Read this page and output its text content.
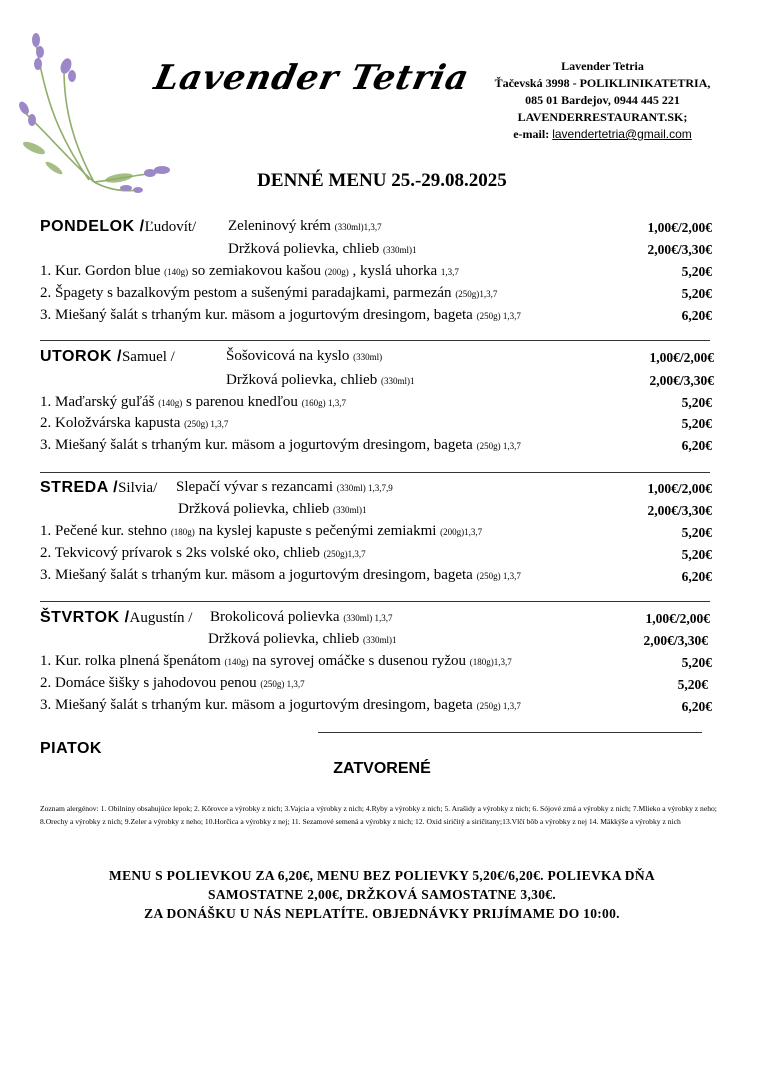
Lavender Tetria	Lavender Tetria
Ťačevská 3998 - POLIKLINIKATETRIA,
085 01 Bardejov, 0944 445 221
LAVENDERRESTAURANT.SK;
e-mail: lavendertetria@gmail.com
DENNÉ MENU 25.-29.08.2025
PONDELOK /Ľudovít/ Zeleninový krém (330ml)1,3,7	1,00€/2,00€
Držková polievka, chlieb (330ml)1	2,00€/3,30€
1. Kur. Gordon blue (140g) so zemiakovou kašou (200g) , kyslá uhorka 1,3,7	5,20€
2. Špagety s bazalkovým pestom a sušenými paradajkami, parmezán (250g)1,3,7	5,20€
3. Miešaný šalát s trhaným kur. mäsom a jogurtovým dresingom, bageta (250g) 1,3,7	6,20€
UTOROK /Samuel /	Šošovicová na kyslo (330ml)	1,00€/2,00€
Držková polievka, chlieb (330ml)1	2,00€/3,30€
1. Maďarský guľáš (140g) s parenou knedľou (160g) 1,3,7	5,20€
2. Koložvárska kapusta (250g) 1,3,7	5,20€
3. Miešaný šalát s trhaným kur. mäsom a jogurtovým dresingom, bageta (250g) 1,3,7	6,20€
STREDA /Silvia/ Slepačí vývar s rezancami (330ml) 1,3,7,9	1,00€/2,00€
Držková polievka, chlieb (330ml)1	2,00€/3,30€
1. Pečené kur. stehno (180g) na kyslej kapuste s pečenými zemiakmi (200g)1,3,7	5,20€
2. Tekvicový prívarok s 2ks volské oko, chlieb (250g)1,3,7	5,20€
3. Miešaný šalát s trhaným kur. mäsom a jogurtovým dresingom, bageta (250g) 1,3,7	6,20€
ŠTVRTOK /Augustín / Brokolicová polievka (330ml) 1,3,7	1,00€/2,00€
Držková polievka, chlieb (330ml)1	2,00€/3,30€
1. Kur. rolka plnená špenátom (140g) na syrovej omáčke s dusenou ryžou (180g)1,3,7	5,20€
2. Domáce šišky s jahodovou penou (250g) 1,3,7	5,20€
3. Miešaný šalát s trhaným kur. mäsom a jogurtovým dresingom, bageta (250g) 1,3,7	6,20€
PIATOK
ZATVORENÉ
Zoznam alergénov: 1. Obilniny obsahujúce lepok; 2. Kôrovce a výrobky z nich; 3.Vajcia a výrobky z nich; 4.Ryby a výrobky z nich; 5. Arašidy a výrobky z nich; 6. Sójové zrná a výrobky z nich; 7.Mlieko a výrobky z neho; 8.Orechy a výrobky z nich; 9.Zeler a výrobky z neho; 10.Horčica a výrobky z nej; 11. Sezamové semená a výrobky z nich; 12. Oxid siričitý a siričitany;13.Vlčí bôb a výrobky z nej 14. Mäkkýše a výrobky z nich
MENU S POLIEVKOU ZA 6,20€, MENU BEZ POLIEVKY 5,20€/6,20€. POLIEVKA DŇA
SAMOSTATNE 2,00€, DRŽKOVÁ SAMOSTATNE 3,30€.
ZA DONÁŠKU U NÁS NEPLATÍTE. OBJEDNÁVKY PRIJÍMAME DO 10:00.
